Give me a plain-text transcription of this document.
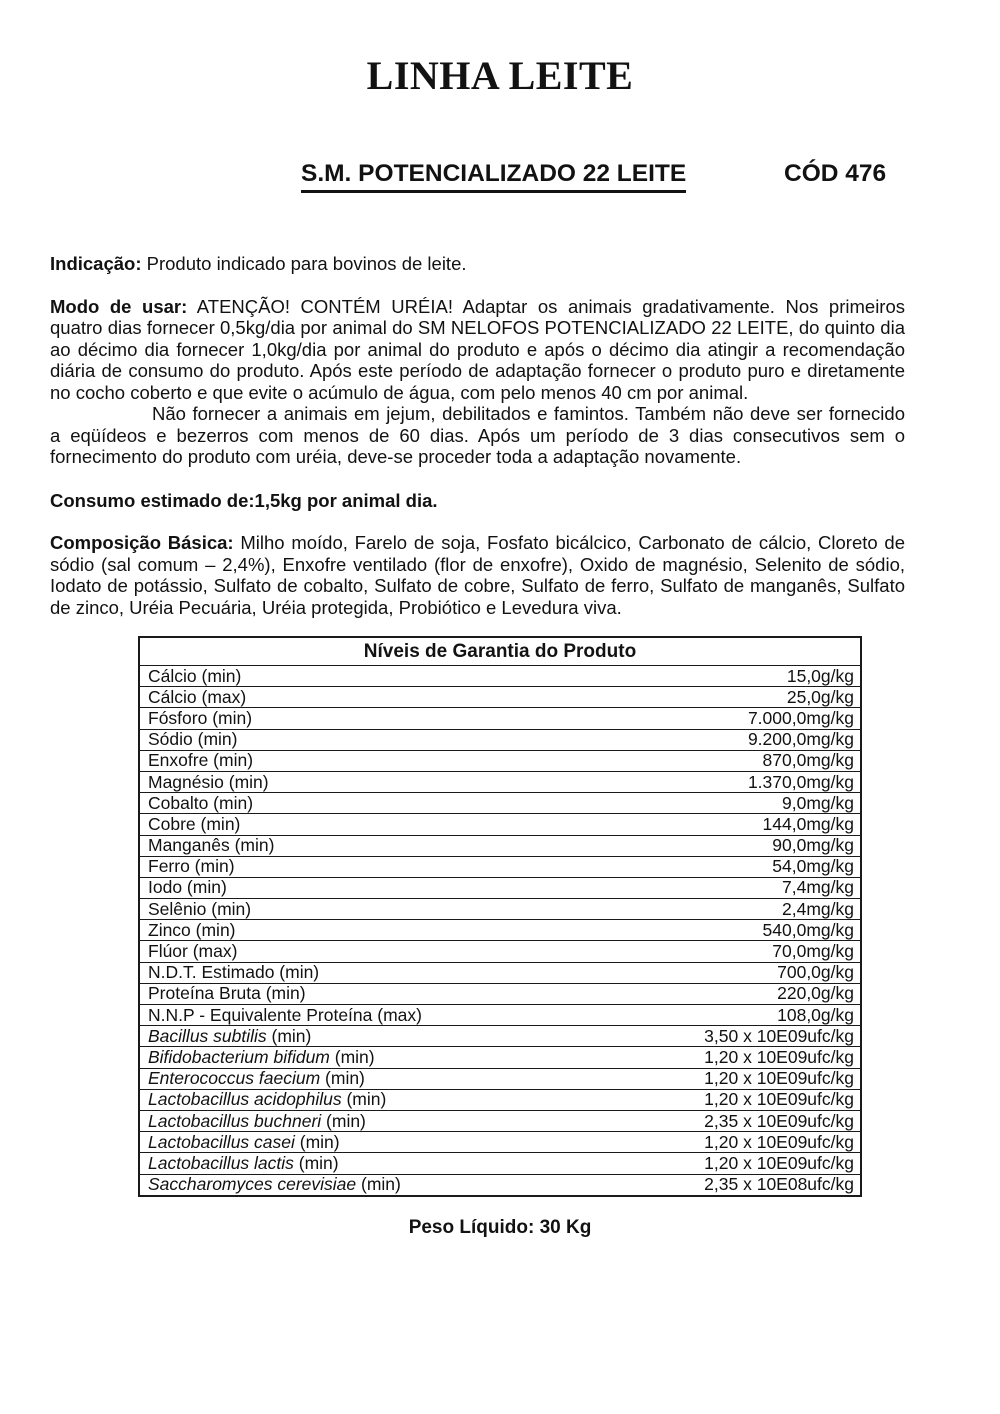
LINHA LEITE
S.M. POTENCIALIZADO 22 LEITE	CÓD 476
Indicação: Produto indicado para bovinos de leite.
Modo de usar: ATENÇÃO! CONTÉM URÉIA! Adaptar os animais gradativamente. Nos primeiros
quatro dias fornecer 0,5kg/dia por animal do SM NELOFOS POTENCIALIZADO 22 LEITE, do quinto dia
ao décimo dia fornecer 1,0kg/dia por animal do produto e após o décimo dia atingir a recomendação
diária de consumo do produto. Após este período de adaptação fornecer o produto puro e diretamente
no cocho coberto e que evite o acúmulo de água, com pelo menos 40 cm por animal.
Não fornecer a animais em jejum, debilitados e famintos. Também não deve ser fornecido
a eqüídeos e bezerros com menos de 60 dias. Após um período de 3 dias consecutivos sem o
fornecimento do produto com uréia, deve-se proceder toda a adaptação novamente.
Consumo estimado de:1,5kg por animal dia.
Composição Básica: Milho moído, Farelo de soja, Fosfato bicálcico, Carbonato de cálcio, Cloreto de
sódio (sal comum – 2,4%), Enxofre ventilado (flor de enxofre), Oxido de magnésio, Selenito de sódio,
Iodato de potássio, Sulfato de cobalto, Sulfato de cobre, Sulfato de ferro, Sulfato de manganês, Sulfato
de zinco, Uréia Pecuária, Uréia protegida, Probiótico e Levedura viva.
Níveis de Garantia do Produto
Cálcio (min)	15,0g/kg
Cálcio (max)	25,0g/kg
Fósforo (min)	7.000,0mg/kg
Sódio (min)	9.200,0mg/kg
Enxofre (min)	870,0mg/kg
Magnésio (min)	1.370,0mg/kg
Cobalto (min)	9,0mg/kg
Cobre (min)	144,0mg/kg
Manganês (min)	90,0mg/kg
Ferro (min)	54,0mg/kg
Iodo (min)	7,4mg/kg
Selênio (min)	2,4mg/kg
Zinco (min)	540,0mg/kg
Flúor (max)	70,0mg/kg
N.D.T. Estimado (min)	700,0g/kg
Proteína Bruta (min)	220,0g/kg
N.N.P - Equivalente Proteína (max)	108,0g/kg
Bacillus subtilis (min)	3,50 x 10E09ufc/kg
Bifidobacterium bifidum (min)	1,20 x 10E09ufc/kg
Enterococcus faecium (min)	1,20 x 10E09ufc/kg
Lactobacillus acidophilus (min)	1,20 x 10E09ufc/kg
Lactobacillus buchneri (min)	2,35 x 10E09ufc/kg
Lactobacillus casei (min)	1,20 x 10E09ufc/kg
Lactobacillus lactis (min)	1,20 x 10E09ufc/kg
Saccharomyces cerevisiae (min)	2,35 x 10E08ufc/kg
Peso Líquido: 30 Kg
